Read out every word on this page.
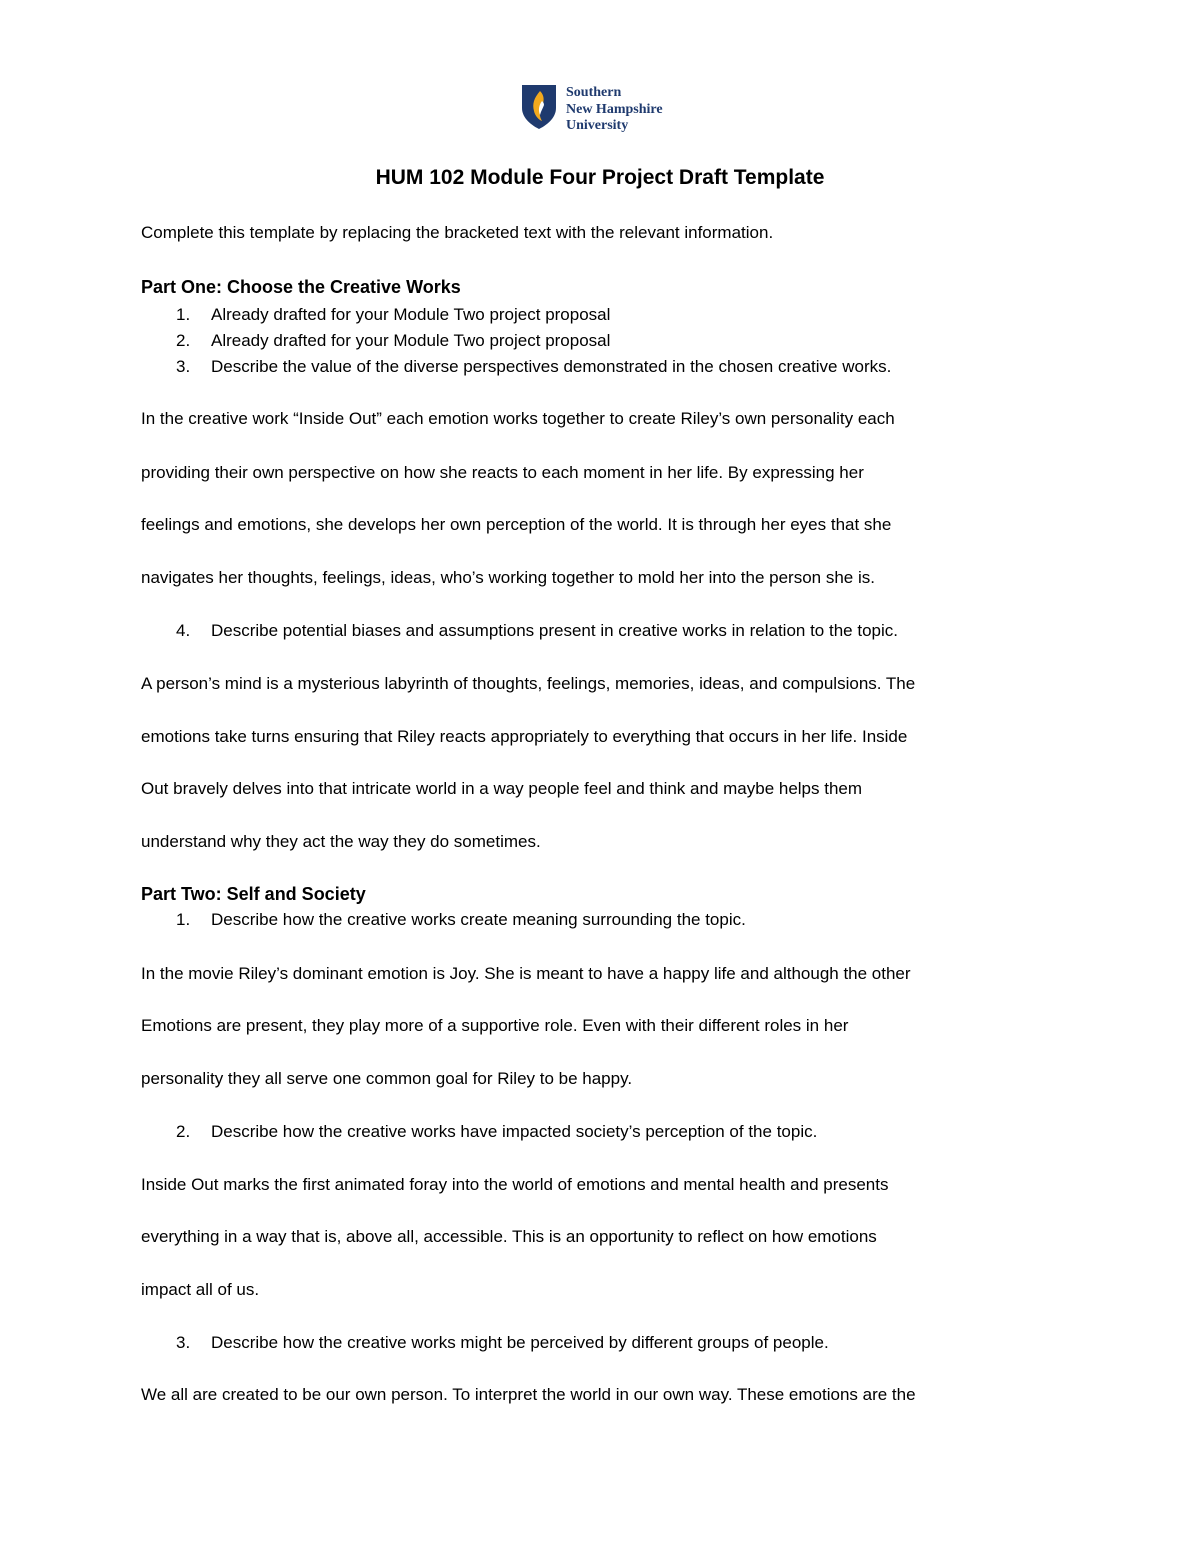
Southern
New Hampshire
University
HUM 102 Module Four Project Draft Template
Complete this template by replacing the bracketed text with the relevant information.
Part One: Choose the Creative Works
1.	Already drafted for your Module Two project proposal
2.	Already drafted for your Module Two project proposal
3.	Describe the value of the diverse perspectives demonstrated in the chosen creative works.
In the creative work “Inside Out” each emotion works together to create Riley’s own personality each
providing their own perspective on how she reacts to each moment in her life. By expressing her
feelings and emotions, she develops her own perception of the world. It is through her eyes that she
navigates her thoughts, feelings, ideas, who’s working together to mold her into the person she is.
4.	Describe potential biases and assumptions present in creative works in relation to the topic.
A person’s mind is a mysterious labyrinth of thoughts, feelings, memories, ideas, and compulsions. The
emotions take turns ensuring that Riley reacts appropriately to everything that occurs in her life. Inside
Out bravely delves into that intricate world in a way people feel and think and maybe helps them
understand why they act the way they do sometimes.
Part Two: Self and Society
1.	Describe how the creative works create meaning surrounding the topic.
In the movie Riley’s dominant emotion is Joy. She is meant to have a happy life and although the other
Emotions are present, they play more of a supportive role. Even with their different roles in her
personality they all serve one common goal for Riley to be happy.
2.	Describe how the creative works have impacted society’s perception of the topic.
Inside Out marks the first animated foray into the world of emotions and mental health and presents
everything in a way that is, above all, accessible. This is an opportunity to reflect on how emotions
impact all of us.
3.	Describe how the creative works might be perceived by different groups of people.
We all are created to be our own person. To interpret the world in our own way. These emotions are the
